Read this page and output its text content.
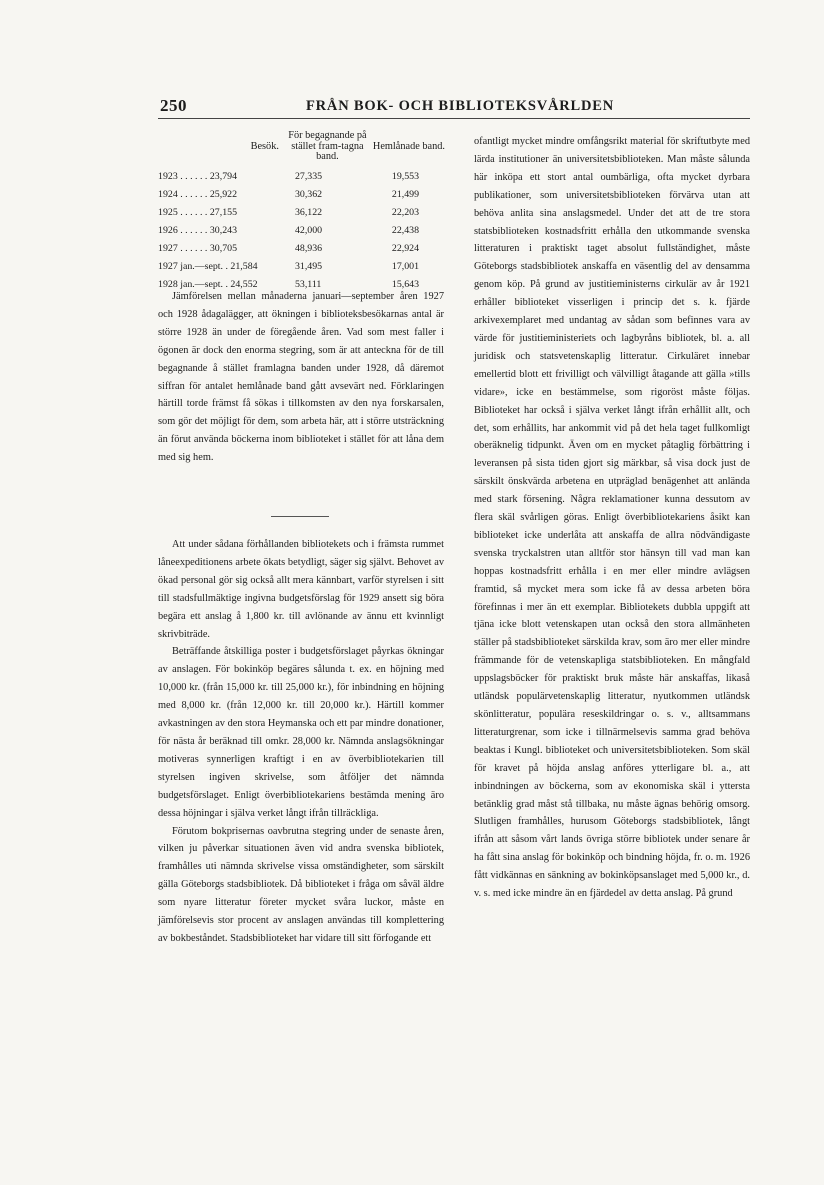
250	FRÅN BOK- OCH BIBLIOTEKSVÅRLDEN
Besök.	För begagnande på stället fram-tagna band.	Hemlånade band.
1923 . . . . . . 23,794	27,335	19,553
1924 . . . . . . 25,922	30,362	21,499
1925 . . . . . . 27,155	36,122	22,203
1926 . . . . . . 30,243	42,000	22,438
1927 . . . . . . 30,705	48,936	22,924
1927 jan.—sept. . 21,584	31,495	17,001
1928 jan.—sept. . 24,552	53,111	15,643

Jämförelsen mellan månaderna januari—september åren 1927 och 1928 ådagalägger, att ökningen i biblioteksbesökarnas antal är större 1928 än under de föregående åren. Vad som mest faller i ögonen är dock den enorma stegring, som är att anteckna för de till begagnande å stället framlagna banden under 1928, då däremot siffran för antalet hemlånade band gått avsevärt ned. Förklaringen härtill torde främst få sökas i tillkomsten av den nya forskarsalen, som gör det möjligt för dem, som arbeta här, att i större utsträckning än förut använda böckerna inom biblioteket i stället för att låna dem med sig hem.

Att under sådana förhållanden bibliotekets och i främsta rummet låneexpeditionens arbete ökats betydligt, säger sig självt. Behovet av ökad personal gör sig också allt mera kännbart, varför styrelsen i sitt till stadsfullmäktige ingivna budgetsförslag för 1929 ansett sig böra begära ett anslag å 1,800 kr. till avlönande av ännu ett kvinnligt skrivbiträde.

Beträffande åtskilliga poster i budgetsförslaget påyrkas ökningar av anslagen. För bokinköp begäres sålunda t. ex. en höjning med 10,000 kr. (från 15,000 kr. till 25,000 kr.), för inbindning en höjning med 8,000 kr. (från 12,000 kr. till 20,000 kr.). Härtill kommer avkastningen av den stora Heymanska och ett par mindre donationer, för nästa år beräknad till omkr. 28,000 kr. Nämnda anslagsökningar motiveras synnerligen kraftigt i en av överbibliotekarien till styrelsen ingiven skrivelse, som åtföljer det nämnda budgetsförslaget. Enligt överbibliotekariens bestämda mening äro dessa höjningar i själva verket långt ifrån tillräckliga.

Förutom bokprisernas oavbrutna stegring under de senaste åren, vilken ju påverkar situationen även vid andra svenska bibliotek, framhålles uti nämnda skrivelse vissa omständigheter, som särskilt gälla Göteborgs stadsbibliotek. Då biblioteket i fråga om såväl äldre som nyare litteratur företer mycket svåra luckor, måste en jämförelsevis stor procent av anslagen användas till komplettering av bokbeståndet. Stadsbiblioteket har vidare till sitt förfogande ett

ofantligt mycket mindre omfångsrikt material för skriftutbyte med lärda institutioner än universitetsbiblioteken. Man måste sålunda här inköpa ett stort antal oumbärliga, ofta mycket dyrbara publikationer, som universitetsbiblioteken förvärva utan att behöva anlita sina anslagsmedel. Under det att de tre stora statsbiblioteken kostnadsfritt erhålla den utkommande svenska litteraturen i praktiskt taget absolut fullständighet, måste Göteborgs stadsbibliotek anskaffa en väsentlig del av densamma genom köp. På grund av justitieministerns cirkulär av år 1921 erhåller biblioteket visserligen i princip det s. k. fjärde arkivexemplaret med undantag av sådan som befinnes vara av värde för justitieministeriets och lagbyråns bibliotek, bl. a. all juridisk och statsvetenskaplig litteratur. Cirkuläret innebar emellertid blott ett frivilligt och välvilligt åtagande att gälla »tills vidare», icke en bestämmelse, som rigoröst måste följas. Biblioteket har också i själva verket långt ifrån erhållit allt, och det, som erhållits, har ankommit vid på det hela taget fullkomligt oberäknelig tidpunkt. Även om en mycket påtaglig förbättring i leveransen på sista tiden gjort sig märkbar, så visa dock just de särskilt önskvärda arbetena en utpräglad benägenhet att anlända med stark försening. Några reklamationer kunna dessutom av flera skäl svårligen göras. Enligt överbibliotekariens åsikt kan biblioteket icke underlåta att anskaffa de allra nödvändigaste svenska tryckalstren utan alltför stor hänsyn till vad man kan hoppas kostnadsfritt erhålla i en mer eller mindre avlägsen framtid, så mycket mera som icke få av dessa arbeten böra förefinnas i mer än ett exemplar. Bibliotekets dubbla uppgift att tjäna icke blott vetenskapen utan också den stora allmänheten ställer på stadsbiblioteket särskilda krav, som äro mer eller mindre främmande för de vetenskapliga statsbiblioteken. En mångfald uppslagsböcker för praktiskt bruk måste här anskaffas, likaså utländsk populärvetenskaplig litteratur, nyutkommen utländsk skönlitteratur, populära reseskildringar o. s. v., alltsammans litteraturgrenar, som icke i tillnärmelsevis samma grad behöva beaktas i Kungl. biblioteket och universitetsbiblioteken. Som skäl för kravet på höjda anslag anföres ytterligare bl. a., att inbindningen av böckerna, som av ekonomiska skäl i yttersta betänklig grad måst stå tillbaka, nu måste ägnas behörig omsorg. Slutligen framhålles, hurusom Göteborgs stadsbibliotek, långt ifrån att såsom vårt lands övriga större bibliotek under senare år ha fått sina anslag för bokinköp och bindning höjda, fr. o. m. 1926 fått vidkännas en sänkning av bokinköpsanslaget med 5,000 kr., d. v. s. med icke mindre än en fjärdedel av detta anslag. På grund
